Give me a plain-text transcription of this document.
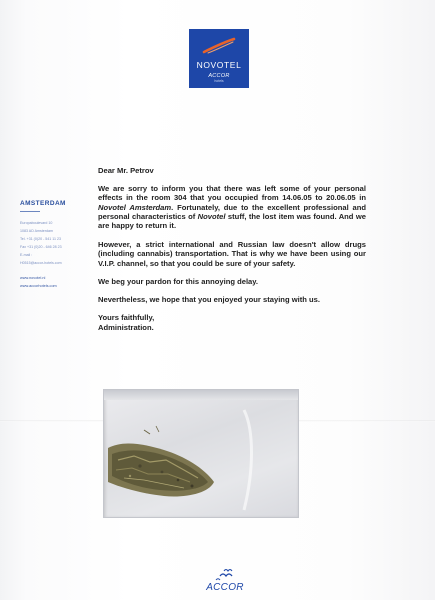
NOVOTEL
ACCOR
hotels
AMSTERDAM
Europaboulevard 10
1083 AD Amsterdam
Tel. +31 (0)20 - 541 11 23
Fax +31 (0)20 - 646 28 23
E-mail :
H0515@accor-hotels.com
www.novotel.nl
www.accorhotels.com

Dear Mr. Petrov

We are sorry to inform you that there was left some of your personal effects in the room 304 that you occupied from 14.06.05 to 20.06.05 in Novotel Amsterdam. Fortunately, due to the excellent professional and personal characteristics of Novotel stuff, the lost item was found. And we are happy to return it.

However, a strict international and Russian law doesn't allow drugs (including cannabis) transportation. That is why we have been using our V.I.P. channel, so that you could be sure of your safety.

We beg your pardon for this annoying delay.

Nevertheless, we hope that you enjoyed your staying with us.

Yours faithfully,

Administration.

ACCOR
